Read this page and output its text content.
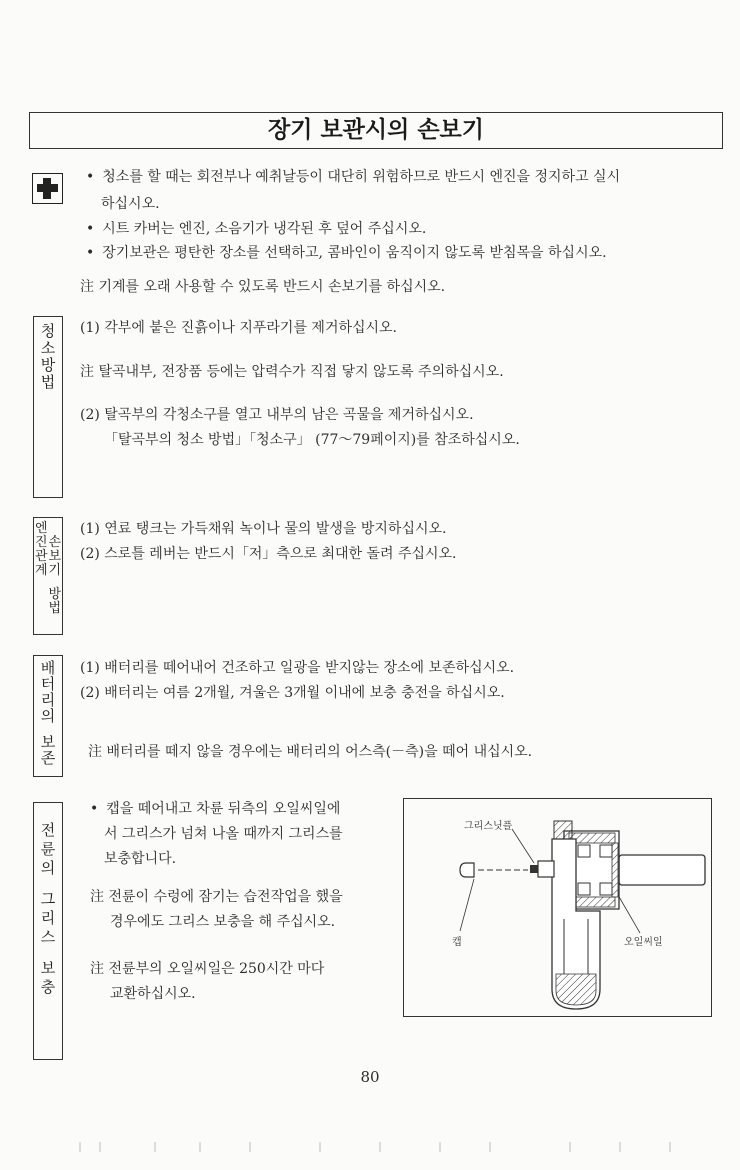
장기 보관시의 손보기
• 청소를 할 때는 회전부나 예취날등이 대단히 위험하므로 반드시 엔진을 정지하고 실시
하십시오.
• 시트 카버는 엔진, 소음기가 냉각된 후 덮어 주십시오.
• 장기보관은 평탄한 장소를 선택하고, 콤바인이 움직이지 않도록 받침목을 하십시오.
注 기계를 오래 사용할 수 있도록 반드시 손보기를 하십시오.
청
소
방
법
(1) 각부에 붙은 진흙이나 지푸라기를 제거하십시오.
注 탈곡내부, 전장품 등에는 압력수가 직접 닿지 않도록 주의하십시오.
(2) 탈곡부의 각청소구를 열고 내부의 남은 곡물을 제거하십시오.
「탈곡부의 청소 방법」「청소구」 (77～79페이지)를 참조하십시오.
엔
진
관
계
손
보
기
방
법
(1) 연료 탱크는 가득채워 녹이나 물의 발생을 방지하십시오.
(2) 스로틀 레버는 반드시「저」측으로 최대한 돌려 주십시오.
배
터
리
의
보
존
(1) 배터리를 떼어내어 건조하고 일광을 받지않는 장소에 보존하십시오.
(2) 배터리는 여름 2개월, 겨울은 3개월 이내에 보충 충전을 하십시오.
注 배터리를 떼지 않을 경우에는 배터리의 어스측(－측)을 떼어 내십시오.
전
륜
의
그
리
스
보
충
• 캡을 떼어내고 차륜 뒤측의 오일씨일에
서 그리스가 넘쳐 나올 때까지 그리스를
보충합니다.
注 전륜이 수렁에 잠기는 습전작업을 했을
경우에도 그리스 보충을 해 주십시오.
注 전륜부의 오일씨일은 250시간 마다
교환하십시오.
그리스닛플
캡	오일씨일
80
